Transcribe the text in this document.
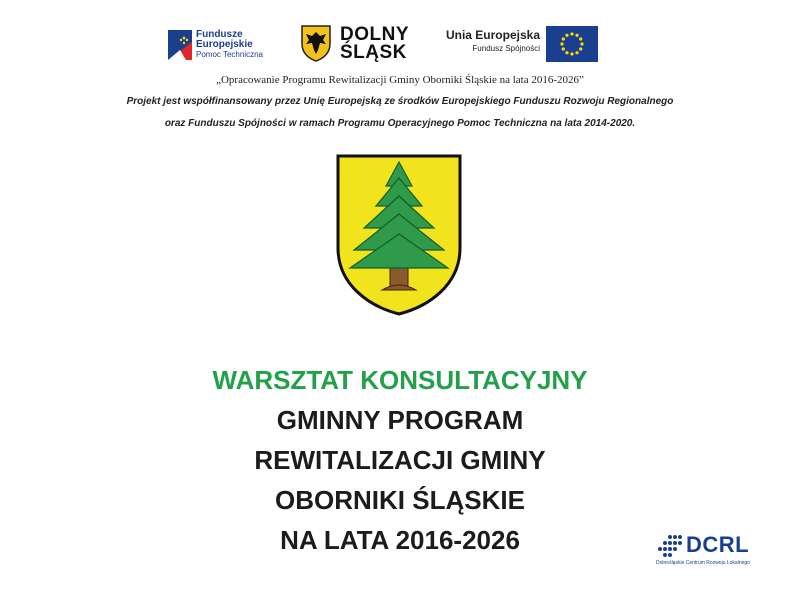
Fundusze
Europejskie
Pomoc Techniczna
DOLNY
ŚLĄSK
Unia Europejska
Fundusz Spójności
„Opracowanie Programu Rewitalizacji Gminy Oborniki Śląskie na lata 2016-2026”
Projekt jest współfinansowany przez Unię Europejską ze środków Europejskiego Funduszu Rozwoju Regionalnego
oraz Funduszu Spójności w ramach Programu Operacyjnego Pomoc Techniczna na lata 2014-2020.
WARSZTAT KONSULTACYJNY
GMINNY PROGRAM
REWITALIZACJI GMINY
OBORNIKI ŚLĄSKIE
NA LATA 2016-2026	DCRL
Dolnośląskie Centrum Rozwoju Lokalnego
